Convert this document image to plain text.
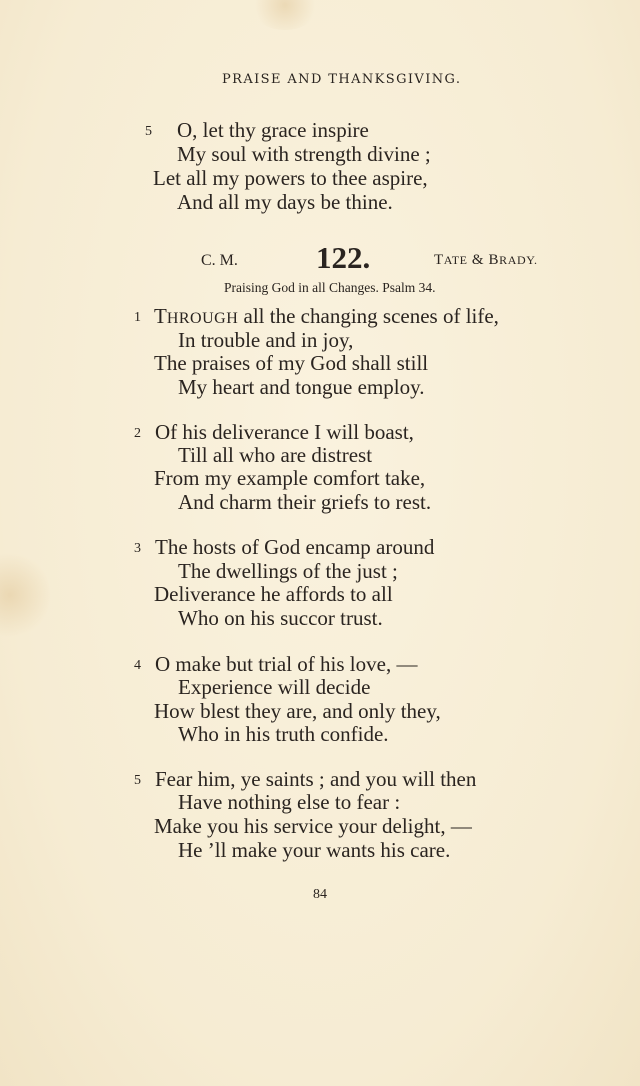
PRAISE AND THANKSGIVING.
5 O, let thy grace inspire
My soul with strength divine ;
Let all my powers to thee aspire,
And all my days be thine.
C. M.	122.	TATE & BRADY.
Praising God in all Changes. Psalm 34.
1 THROUGH all the changing scenes of life,
In trouble and in joy,
The praises of my God shall still
My heart and tongue employ.
2 Of his deliverance I will boast,
Till all who are distrest
From my example comfort take,
And charm their griefs to rest.
3 The hosts of God encamp around
The dwellings of the just ;
Deliverance he affords to all
Who on his succor trust.
4 O make but trial of his love, —
Experience will decide
How blest they are, and only they,
Who in his truth confide.
5 Fear him, ye saints ; and you will then
Have nothing else to fear :
Make you his service your delight, —
He ’ll make your wants his care.
84
